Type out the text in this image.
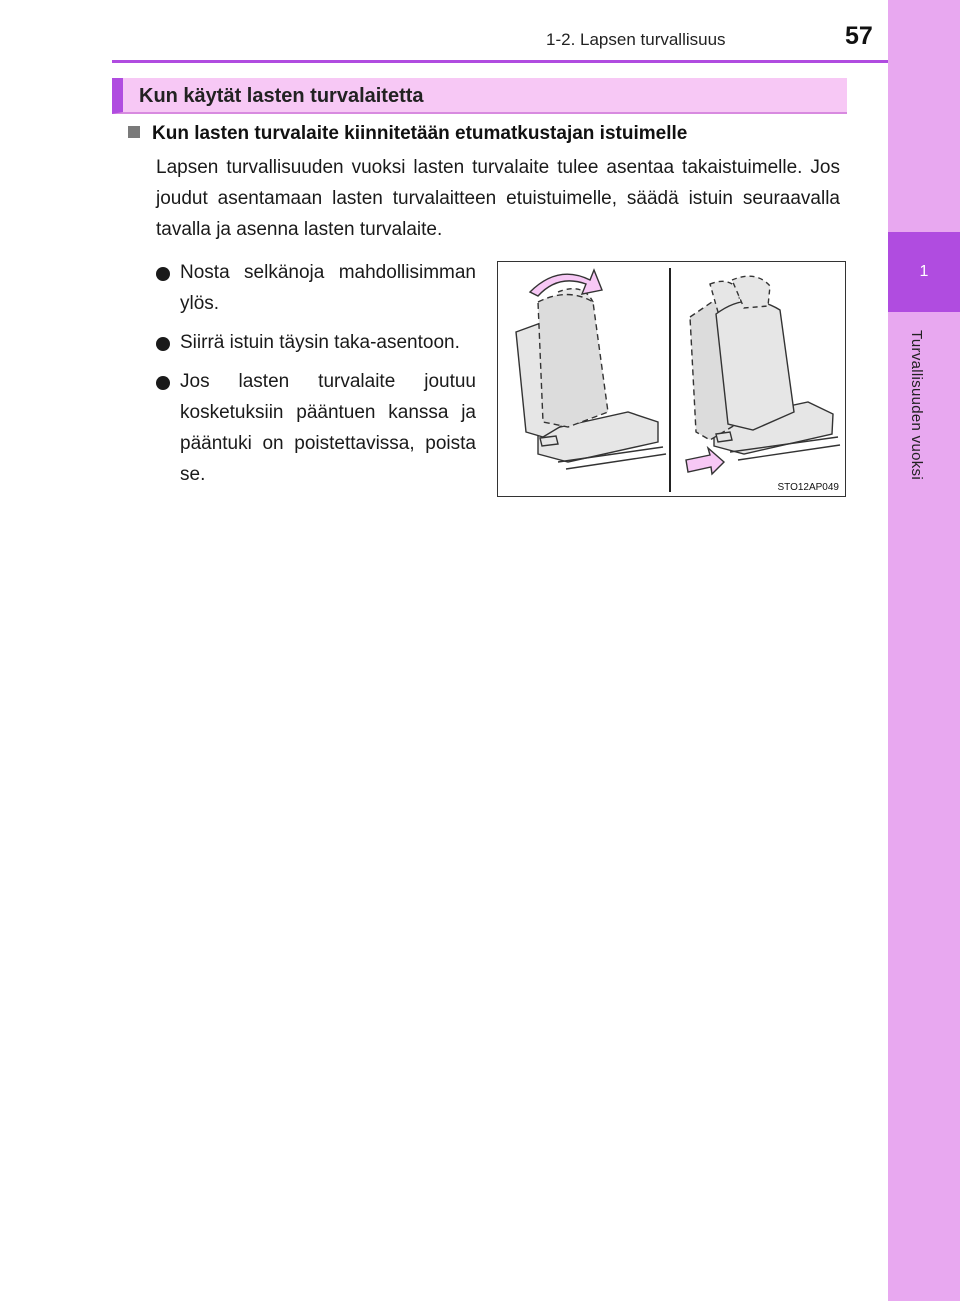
1
Turvallisuuden vuoksi
1-2. Lapsen turvallisuus	57
Kun käytät lasten turvalaitetta
Kun lasten turvalaite kiinnitetään etumatkustajan istuimelle
Lapsen turvallisuuden vuoksi lasten turvalaite tulee asentaa takaistuimelle. Jos joudut asentamaan lasten turvalaitteen etuistuimelle, säädä istuin seuraavalla tavalla ja asenna lasten turvalaite.
Nosta selkänoja mahdollisimman ylös.
Siirrä istuin täysin taka-asentoon.
Jos lasten turvalaite joutuu kosketuksiin pääntuen kanssa ja pääntuki on poistettavissa, poista se.
STO12AP049
